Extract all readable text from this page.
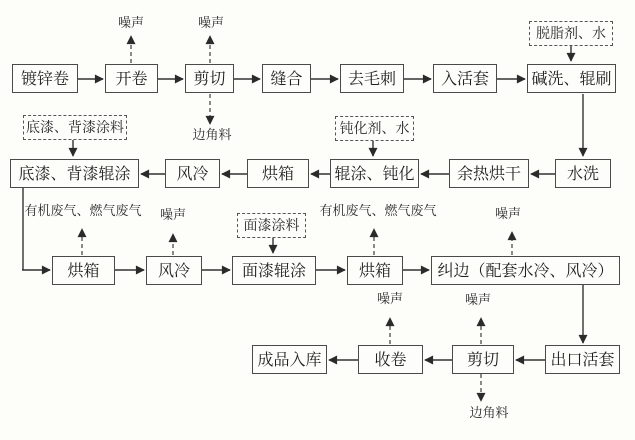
镀锌卷	开卷	剪切	缝合	去毛刺	入活套	碱洗、辊刷
水洗
余热烘干
辊涂、钝化
烘箱
风冷
底漆、背漆辊涂
烘箱	风冷	面漆辊涂	烘箱	纠边（配套水冷、风冷）
出口活套
剪切
收卷
成品入库
脱脂剂、水
底漆、背漆涂料	钝化剂、水
面漆涂料
噪声	噪声
边角料
有机废气、燃气废气 噪声	有机废气、燃气废气	噪声
噪声	噪声
边角料
